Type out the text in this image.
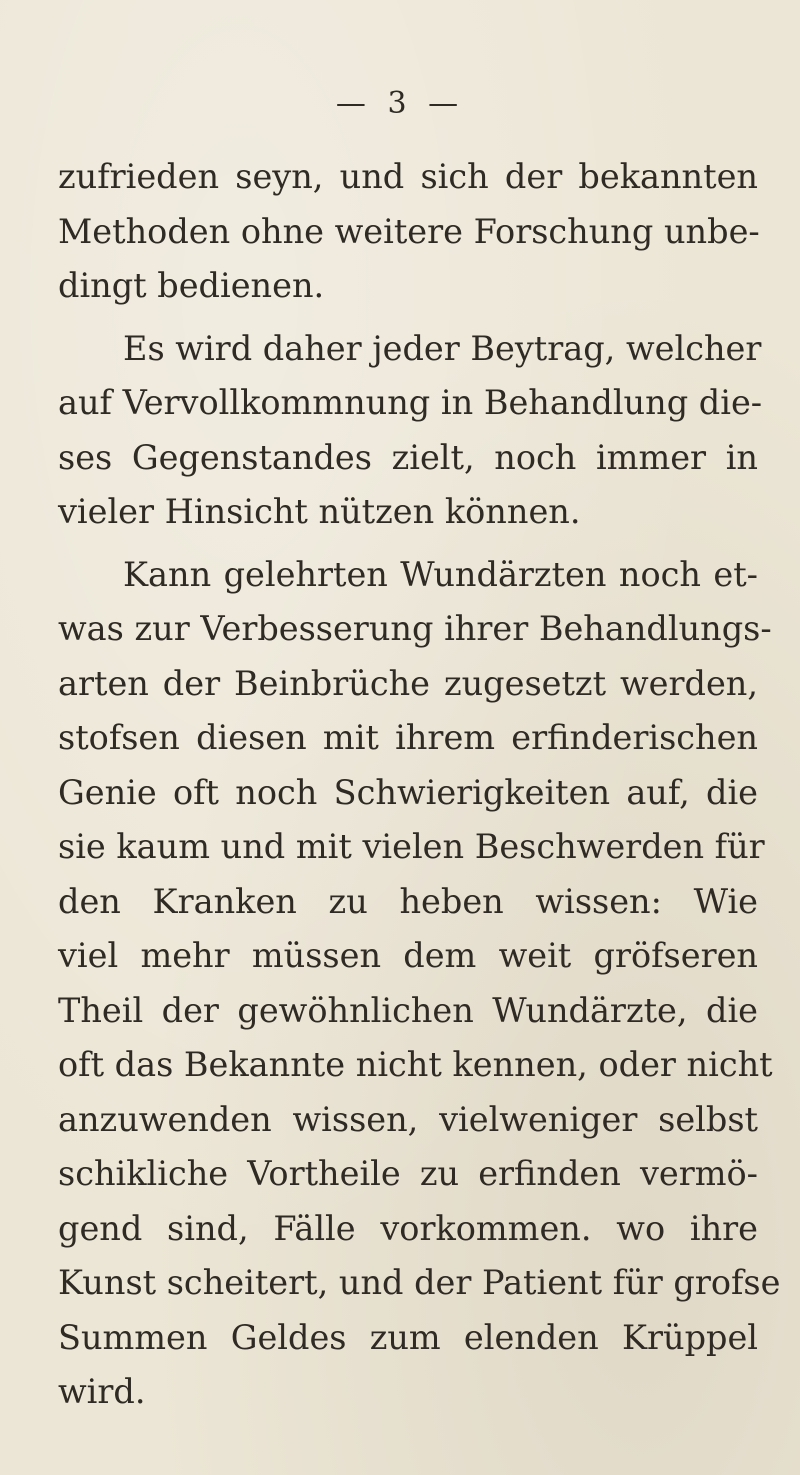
— 3 —
zufrieden seyn, und sich der bekannten
Methoden ohne weitere Forschung unbe-
dingt bedienen.
Es wird daher jeder Beytrag, welcher
auf Vervollkommnung in Behandlung die-
ses Gegenstandes zielt, noch immer in
vieler Hinsicht nützen können.
Kann gelehrten Wundärzten noch et-
was zur Verbesserung ihrer Behandlungs-
arten der Beinbrüche zugesetzt werden,
stofsen diesen mit ihrem erfinderischen
Genie oft noch Schwierigkeiten auf, die
sie kaum und mit vielen Beschwerden für
den Kranken zu heben wissen: Wie
viel mehr müssen dem weit gröfseren
Theil der gewöhnlichen Wundärzte, die
oft das Bekannte nicht kennen, oder nicht
anzuwenden wissen, vielweniger selbst
schikliche Vortheile zu erfinden vermö-
gend sind, Fälle vorkommen. wo ihre
Kunst scheitert, und der Patient für grofse
Summen Geldes zum elenden Krüppel
wird.
